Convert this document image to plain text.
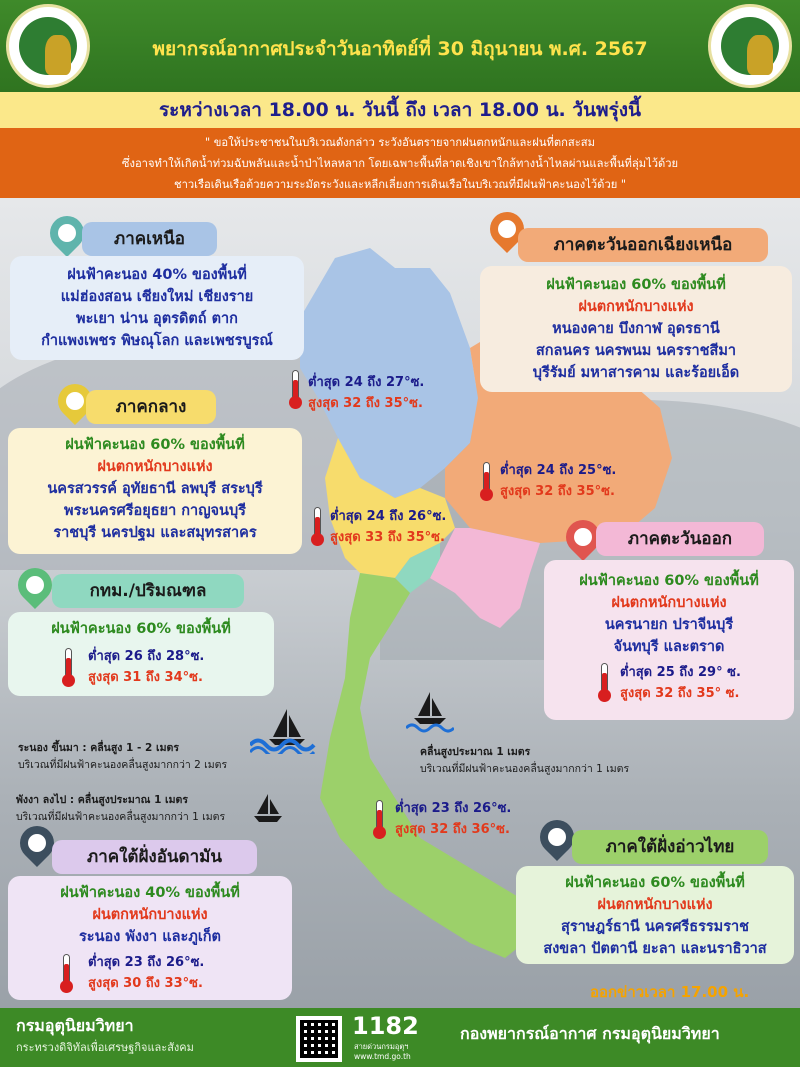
พยากรณ์อากาศประจำวันอาทิตย์ที่ 30 มิถุนายน พ.ศ. 2567
ระหว่างเวลา 18.00 น. วันนี้ ถึง เวลา 18.00 น. วันพรุ่งนี้
" ขอให้ประชาชนในบริเวณดังกล่าว ระวังอันตรายจากฝนตกหนักและฝนที่ตกสะสม
ซึ่งอาจทำให้เกิดน้ำท่วมฉับพลันและน้ำป่าไหลหลาก โดยเฉพาะพื้นที่ลาดเชิงเขาใกล้ทางน้ำไหลผ่านและพื้นที่ลุ่มไว้ด้วย
ชาวเรือเดินเรือด้วยความระมัดระวังและหลีกเลี่ยงการเดินเรือในบริเวณที่มีฝนฟ้าคะนองไว้ด้วย "
ภาคเหนือ
ฝนฟ้าคะนอง 40% ของพื้นที่
แม่ฮ่องสอน เชียงใหม่ เชียงราย
พะเยา น่าน อุตรดิตถ์ ตาก
กำแพงเพชร พิษณุโลก และเพชรบูรณ์
ต่ำสุด 24 ถึง 27°ซ.
สูงสุด 32 ถึง 35°ซ.
ภาคตะวันออกเฉียงเหนือ
ฝนฟ้าคะนอง 60% ของพื้นที่
ฝนตกหนักบางแห่ง
หนองคาย บึงกาฬ อุดรธานี
สกลนคร นครพนม นครราชสีมา
บุรีรัมย์ มหาสารคาม และร้อยเอ็ด
ต่ำสุด 24 ถึง 25°ซ.
สูงสุด 32 ถึง 35°ซ.
ภาคกลาง
ฝนฟ้าคะนอง 60% ของพื้นที่
ฝนตกหนักบางแห่ง
นครสวรรค์ อุทัยธานี ลพบุรี สระบุรี
พระนครศรีอยุธยา กาญจนบุรี
ราชบุรี นครปฐม และสมุทรสาคร
ต่ำสุด 24 ถึง 26°ซ.
สูงสุด 33 ถึง 35°ซ.	ภาคตะวันออก
ฝนฟ้าคะนอง 60% ของพื้นที่
ฝนตกหนักบางแห่ง
นครนายก ปราจีนบุรี
จันทบุรี และตราด
ต่ำสุด 25 ถึง 29° ซ.
สูงสุด 32 ถึง 35° ซ.
กทม./ปริมณฑล
ฝนฟ้าคะนอง 60% ของพื้นที่
ต่ำสุด 26 ถึง 28°ซ.
สูงสุด 31 ถึง 34°ซ.
ระนอง ขึ้นมา : คลื่นสูง 1 - 2 เมตร
บริเวณที่มีฝนฟ้าคะนองคลื่นสูงมากกว่า 2 เมตร
คลื่นสูงประมาณ 1 เมตร
บริเวณที่มีฝนฟ้าคะนองคลื่นสูงมากกว่า 1 เมตร
พังงา ลงไป : คลื่นสูงประมาณ 1 เมตร
บริเวณที่มีฝนฟ้าคะนองคลื่นสูงมากกว่า 1 เมตร
ต่ำสุด 23 ถึง 26°ซ.
สูงสุด 32 ถึง 36°ซ.
ภาคใต้ฝั่งอันดามัน
ฝนฟ้าคะนอง 40% ของพื้นที่
ฝนตกหนักบางแห่ง
ระนอง พังงา และภูเก็ต
ต่ำสุด 23 ถึง 26°ซ.
สูงสุด 30 ถึง 33°ซ.
ภาคใต้ฝั่งอ่าวไทย
ฝนฟ้าคะนอง 60% ของพื้นที่
ฝนตกหนักบางแห่ง
สุราษฎร์ธานี นครศรีธรรมราช
สงขลา ปัตตานี ยะลา และนราธิวาส
ออกข่าวเวลา 17.00 น.
กรมอุตุนิยมวิทยา
กระทรวงดิจิทัลเพื่อเศรษฐกิจและสังคม
1182
สายด่วนกรมอุตุฯ
www.tmd.go.th
กองพยากรณ์อากาศ กรมอุตุนิยมวิทยา
